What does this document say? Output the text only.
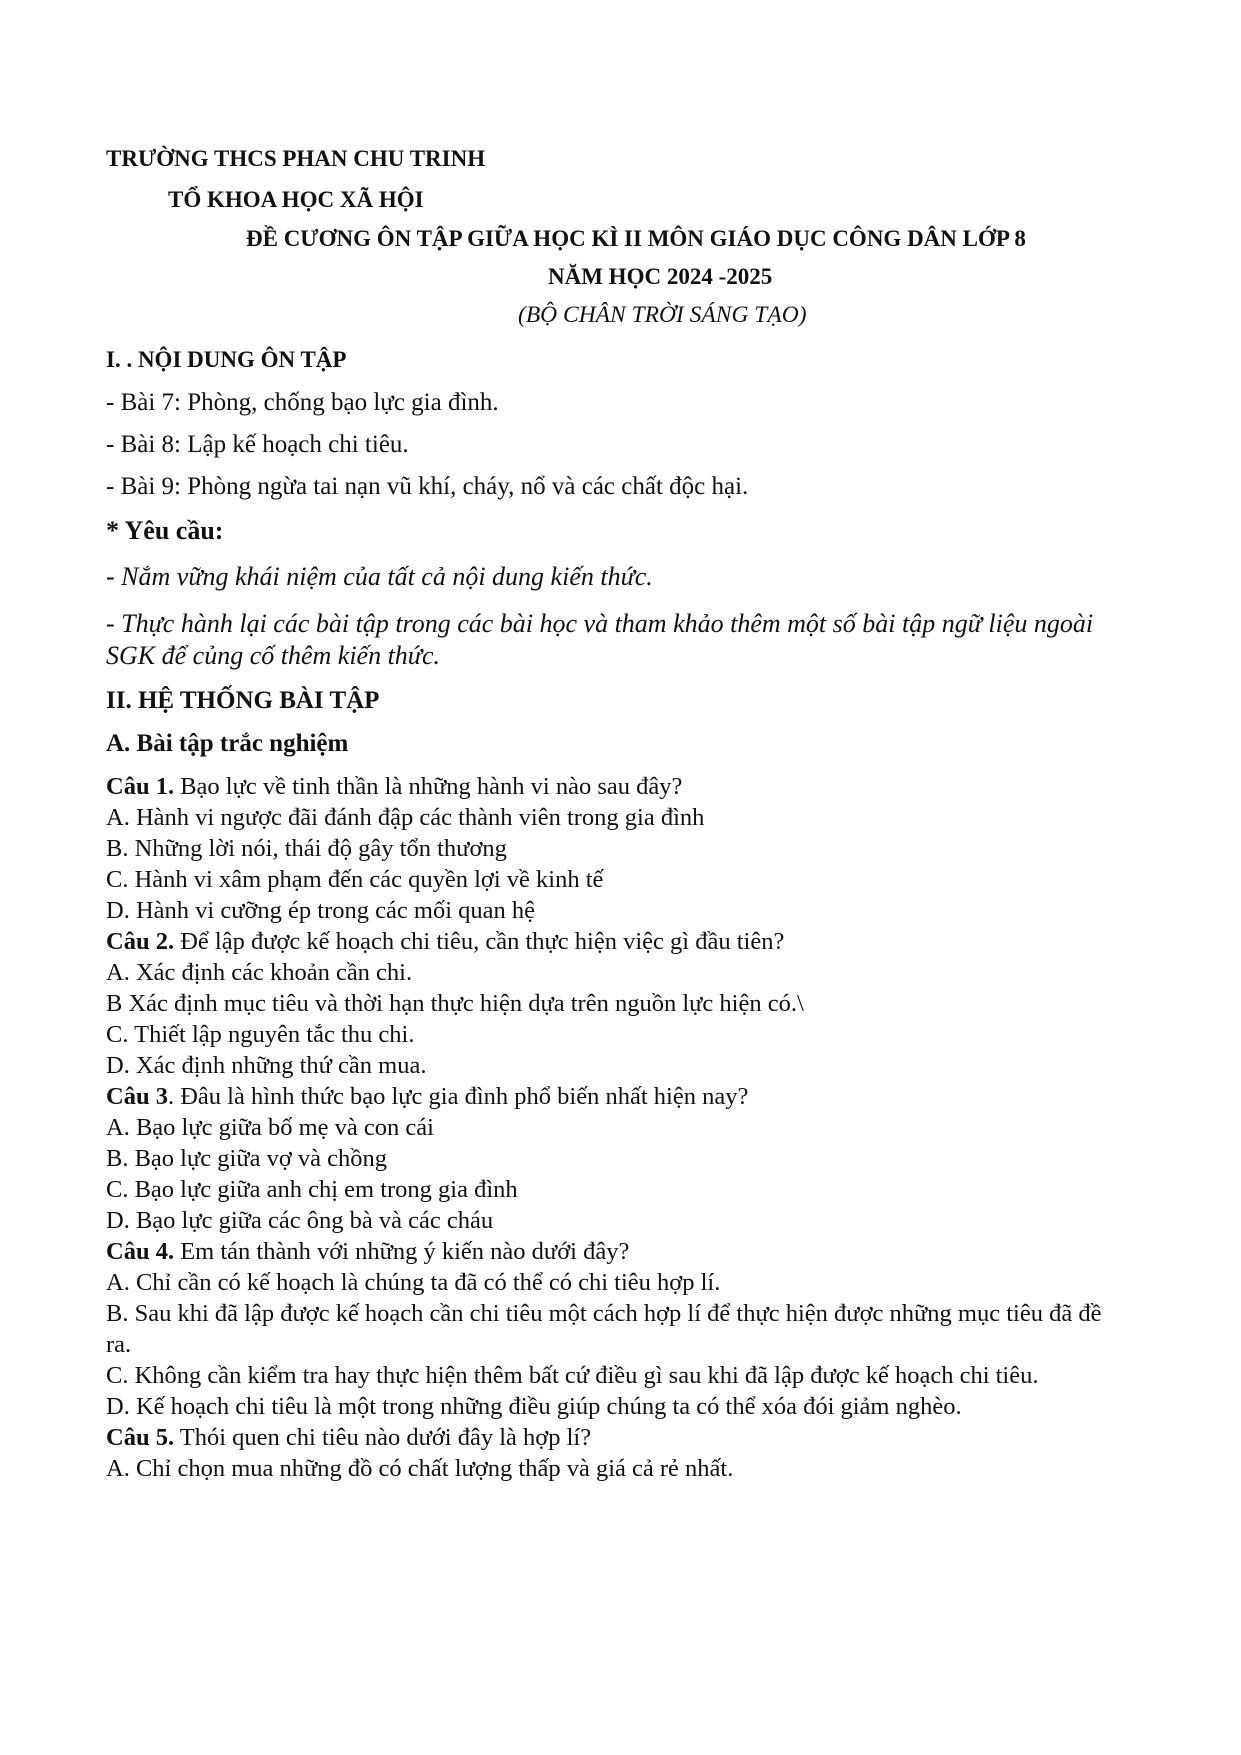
TRƯỜNG THCS PHAN CHU TRINH
TỔ KHOA HỌC XÃ HỘI
ĐỀ CƯƠNG ÔN TẬP GIỮA HỌC KÌ II MÔN GIÁO DỤC CÔNG DÂN LỚP 8
NĂM HỌC 2024 -2025
(BỘ CHÂN TRỜI SÁNG TẠO)
I. . NỘI DUNG ÔN TẬP
- Bài 7: Phòng, chống bạo lực gia đình.
- Bài 8: Lập kế hoạch chi tiêu.
- Bài 9: Phòng ngừa tai nạn vũ khí, cháy, nổ và các chất độc hại.
* Yêu cầu:
- Nắm vững khái niệm của tất cả nội dung kiến thức.
- Thực hành lại các bài tập trong các bài học và tham khảo thêm một số bài tập ngữ liệu ngoài
SGK để củng cố thêm kiến thức.
II. HỆ THỐNG BÀI TẬP
A. Bài tập trắc nghiệm
Câu 1. Bạo lực về tinh thần là những hành vi nào sau đây?
A. Hành vi ngược đãi đánh đập các thành viên trong gia đình
B. Những lời nói, thái độ gây tổn thương
C. Hành vi xâm phạm đến các quyền lợi về kinh tế
D. Hành vi cưỡng ép trong các mối quan hệ
Câu 2. Để lập được kế hoạch chi tiêu, cần thực hiện việc gì đầu tiên?
A. Xác định các khoản cần chi.
B Xác định mục tiêu và thời hạn thực hiện dựa trên nguồn lực hiện có.\
C. Thiết lập nguyên tắc thu chi.
D. Xác định những thứ cần mua.
Câu 3. Đâu là hình thức bạo lực gia đình phổ biến nhất hiện nay?
A. Bạo lực giữa bố mẹ và con cái
B. Bạo lực giữa vợ và chồng
C. Bạo lực giữa anh chị em trong gia đình
D. Bạo lực giữa các ông bà và các cháu
Câu 4. Em tán thành với những ý kiến nào dưới đây?
A. Chỉ cần có kế hoạch là chúng ta đã có thể có chi tiêu hợp lí.
B. Sau khi đã lập được kế hoạch cần chi tiêu một cách hợp lí để thực hiện được những mục tiêu đã đề
ra.
C. Không cần kiểm tra hay thực hiện thêm bất cứ điều gì sau khi đã lập được kế hoạch chi tiêu.
D. Kế hoạch chi tiêu là một trong những điều giúp chúng ta có thể xóa đói giảm nghèo.
Câu 5. Thói quen chi tiêu nào dưới đây là hợp lí?
A. Chỉ chọn mua những đồ có chất lượng thấp và giá cả rẻ nhất.
